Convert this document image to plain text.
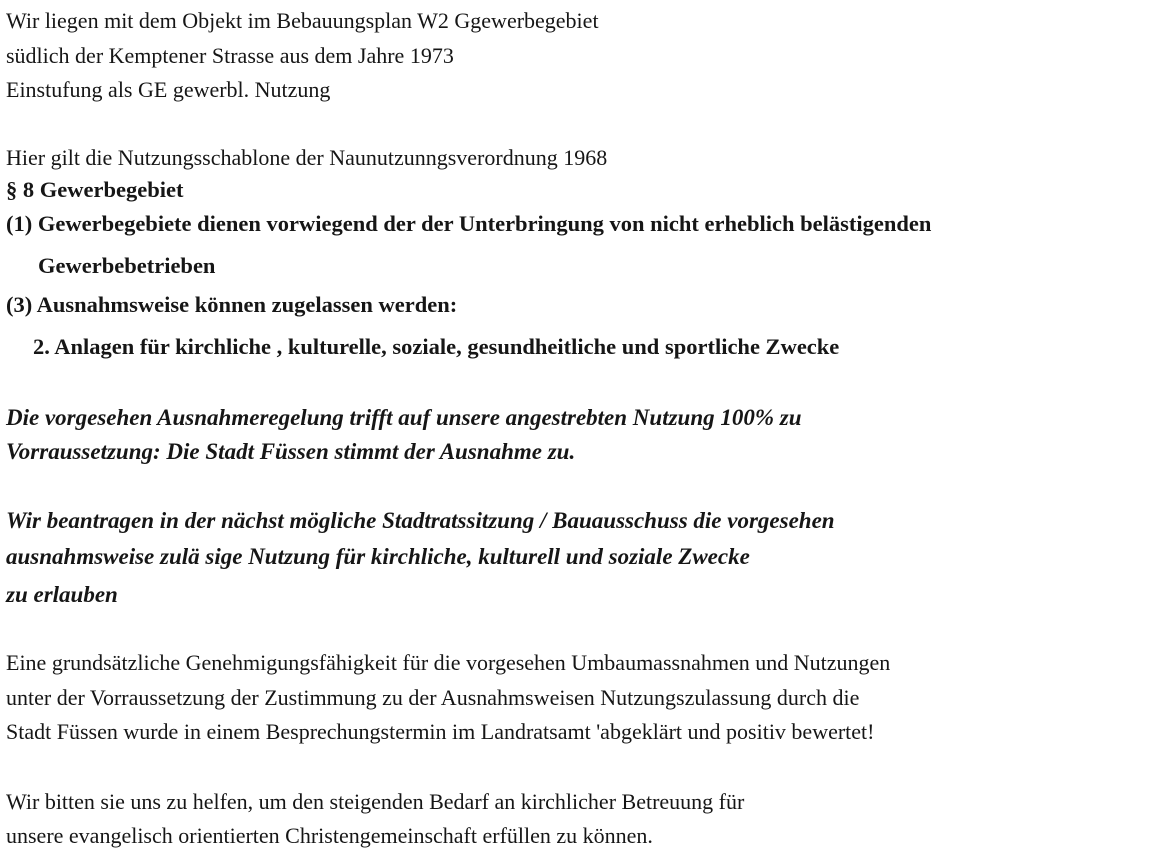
Wir liegen mit dem Objekt im Bebauungsplan W2 Ggewerbegebiet
südlich der Kemptener Strasse aus dem Jahre 1973
Einstufung als GE gewerbl. Nutzung
Hier gilt die Nutzungsschablone der Naunutzunngsverordnung 1968
§ 8 Gewerbegebiet
(1) Gewerbegebiete dienen vorwiegend der der Unterbringung von nicht erheblich belästigenden
Gewerbebetrieben
(3) Ausnahmsweise können zugelassen werden:
2. Anlagen für kirchliche , kulturelle, soziale, gesundheitliche und sportliche Zwecke
Die vorgesehen Ausnahmeregelung trifft auf unsere angestrebten Nutzung 100% zu
Vorraussetzung: Die Stadt Füssen stimmt der Ausnahme zu.
Wir beantragen in der nächst mögliche Stadtratssitzung / Bauausschuss die vorgesehen
ausnahmsweise zulä sige Nutzung für kirchliche, kulturell und soziale Zwecke
zu erlauben
Eine grundsätzliche Genehmigungsfähigkeit für die vorgesehen Umbaumassnahmen und Nutzungen
unter der Vorraussetzung der Zustimmung zu der Ausnahmsweisen Nutzungszulassung durch die
Stadt Füssen wurde in einem Besprechungstermin im Landratsamt 'abgeklärt und positiv bewertet!
Wir bitten sie uns zu helfen, um den steigenden Bedarf an kirchlicher Betreuung für
unsere evangelisch orientierten Christengemeinschaft erfüllen zu können.
